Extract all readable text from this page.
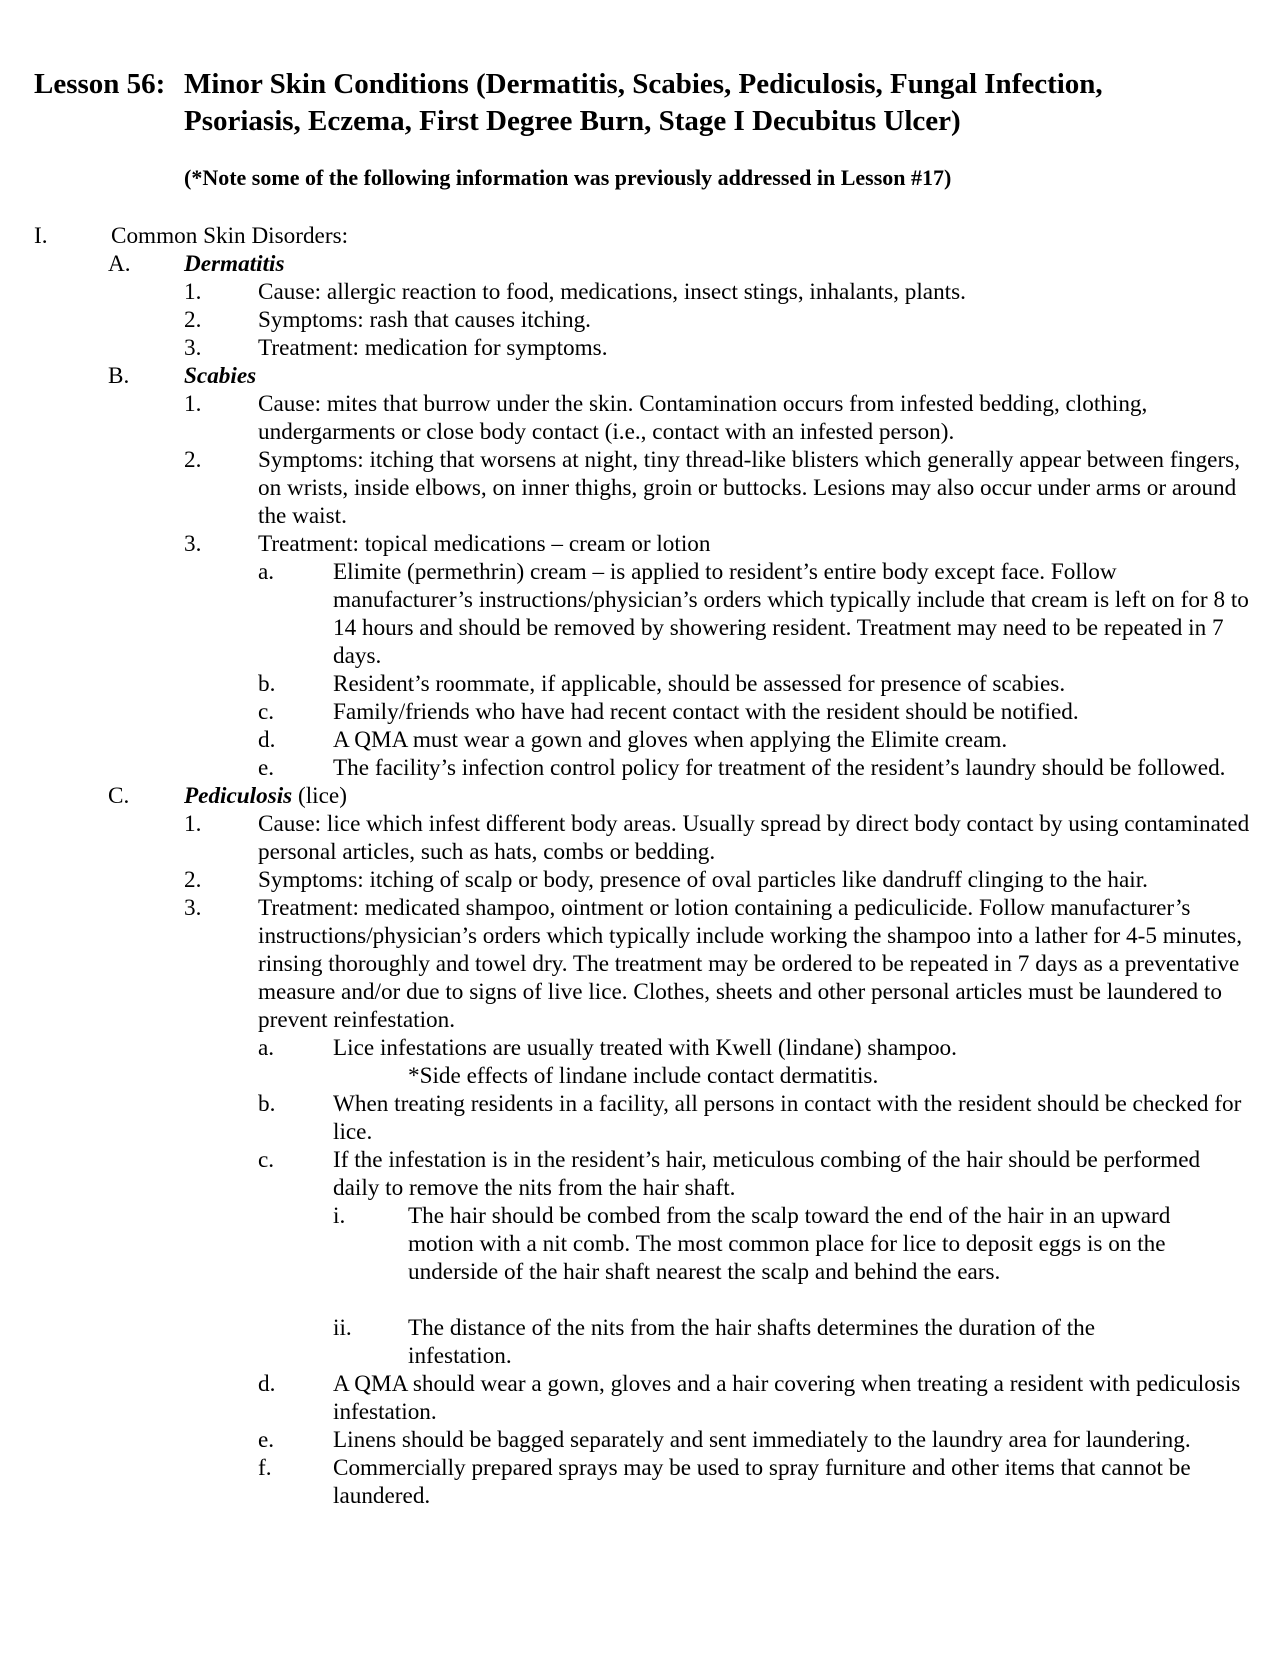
Lesson 56: Minor Skin Conditions (Dermatitis, Scabies, Pediculosis, Fungal Infection,
Psoriasis, Eczema, First Degree Burn, Stage I Decubitus Ulcer)
(*Note some of the following information was previously addressed in Lesson #17)
I.	Common Skin Disorders:
A. Dermatitis
1. Cause: allergic reaction to food, medications, insect stings, inhalants, plants.
2. Symptoms: rash that causes itching.
3. Treatment: medication for symptoms.
B. Scabies
1. Cause: mites that burrow under the skin. Contamination occurs from infested bedding, clothing, undergarments or close body contact (i.e., contact with an infested person).
2. Symptoms: itching that worsens at night, tiny thread-like blisters which generally appear between fingers, on wrists, inside elbows, on inner thighs, groin or buttocks. Lesions may also occur under arms or around the waist.
3. Treatment: topical medications – cream or lotion
a.	Elimite (permethrin) cream – is applied to resident’s entire body except face. Follow manufacturer’s instructions/physician’s orders which typically include that cream is left on for 8 to 14 hours and should be removed by showering resident. Treatment may need to be repeated in 7 days.
b. Resident’s roommate, if applicable, should be assessed for presence of scabies.
c.	Family/friends who have had recent contact with the resident should be notified.
d. A QMA must wear a gown and gloves when applying the Elimite cream.
e.	The facility’s infection control policy for treatment of the resident’s laundry should be followed.
C. Pediculosis (lice)
1. Cause: lice which infest different body areas. Usually spread by direct body contact by using contaminated personal articles, such as hats, combs or bedding.
2. Symptoms: itching of scalp or body, presence of oval particles like dandruff clinging to the hair.
3. Treatment: medicated shampoo, ointment or lotion containing a pediculicide. Follow manufacturer’s instructions/physician’s orders which typically include working the shampoo into a lather for 4-5 minutes, rinsing thoroughly and towel dry. The treatment may be ordered to be repeated in 7 days as a preventative measure and/or due to signs of live lice. Clothes, sheets and other personal articles must be laundered to prevent reinfestation.
a.	Lice infestations are usually treated with Kwell (lindane) shampoo.
*Side effects of lindane include contact dermatitis.
b. When treating residents in a facility, all persons in contact with the resident should be checked for lice.
c.	If the infestation is in the resident’s hair, meticulous combing of the hair should be performed daily to remove the nits from the hair shaft.
i.	The hair should be combed from the scalp toward the end of the hair in an upward motion with a nit comb. The most common place for lice to deposit eggs is on the underside of the hair shaft nearest the scalp and behind the ears.
ii. The distance of the nits from the hair shafts determines the duration of the infestation.
d. A QMA should wear a gown, gloves and a hair covering when treating a resident with pediculosis infestation.
e.	Linens should be bagged separately and sent immediately to the laundry area for laundering.
f.	Commercially prepared sprays may be used to spray furniture and other items that cannot be laundered.
